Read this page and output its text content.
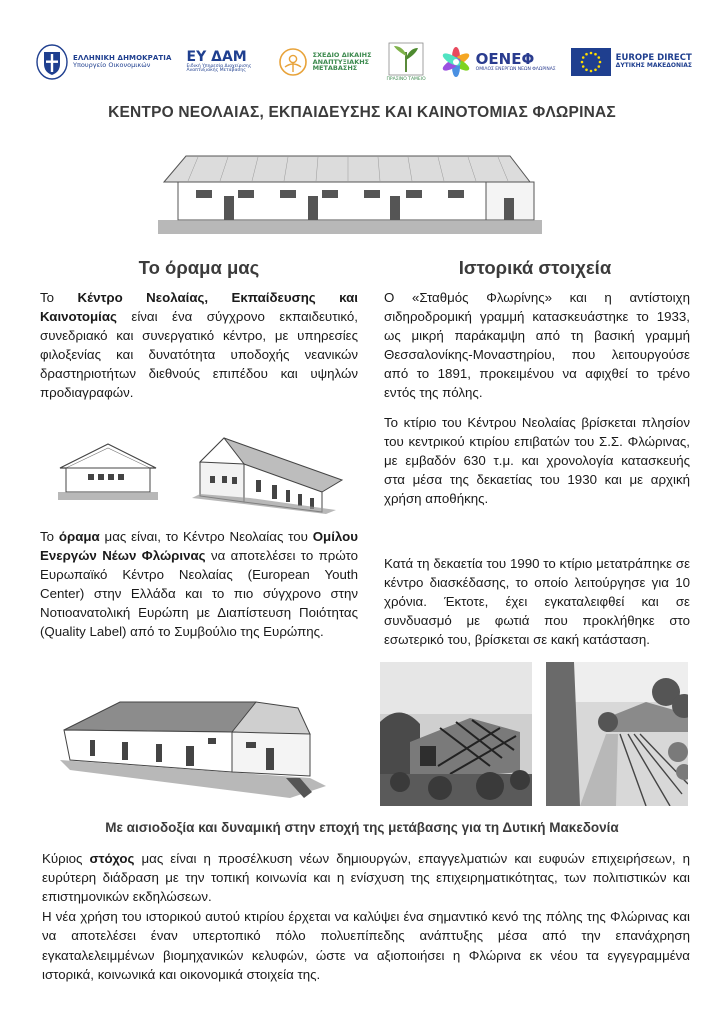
ΕΛΛΗΝΙΚΗ ΔΗΜΟΚΡΑΤΙΑ
Υπουργείο Οικονομικών
ΕΥ ΔΑΜ
Ειδική Υπηρεσία Διαχείρισης Αναπτυξιακής Μετάβασης
ΣΧΕΔΙΟ ΔΙΚΑΙΗΣ
ΑΝΑΠΤΥΞΙΑΚΗΣ
ΜΕΤΑΒΑΣΗΣ
ΠΡΑΣΙΝΟ ΤΑΜΕΙΟ
ΟΕΝΕΦ
ΟΜΙΛΟΣ ΕΝΕΡΓΩΝ ΝΕΩΝ ΦΛΩΡΙΝΑΣ
EUROPE DIRECT
ΔΥΤΙΚΗΣ ΜΑΚΕΔΟΝΙΑΣ
ΚΕΝΤΡΟ ΝΕΟΛΑΙΑΣ, ΕΚΠΑΙΔΕΥΣΗΣ ΚΑΙ ΚΑΙΝΟΤΟΜΙΑΣ ΦΛΩΡΙΝΑΣ
Το όραμα μας

Το Κέντρο Νεολαίας, Εκπαίδευσης και Καινοτομίας είναι ένα σύγχρονο εκπαιδευτικό, συνεδριακό και συνεργατικό κέντρο, με υπηρεσίες φιλοξενίας και δυνατότητα υποδοχής νεανικών δραστηριοτήτων διεθνούς επιπέδου και υψηλών προδιαγραφών.

Το όραμα μας είναι, το Κέντρο Νεολαίας του Ομίλου Ενεργών Νέων Φλώρινας να αποτελέσει το πρώτο Ευρωπαϊκό Κέντρο Νεολαίας (European Youth Center) στην Ελλάδα και το πιο σύγχρονο στην Νοτιοανατολική Ευρώπη με Διαπίστευση Ποιότητας (Quality Label) από το Συμβούλιο της Ευρώπης.

Ιστορικά στοιχεία

Ο «Σταθμός Φλωρίνης» και η αντίστοιχη σιδηροδρομική γραμμή κατασκευάστηκε το 1933, ως μικρή παράκαμψη από τη βασική γραμμή Θεσσαλονίκης-Μοναστηρίου, που λειτουργούσε από το 1891, προκειμένου να αφιχθεί το τρένο εντός της πόλης.

Το κτίριο του Κέντρου Νεολαίας βρίσκεται πλησίον του κεντρικού κτιρίου επιβατών του Σ.Σ. Φλώρινας, με εμβαδόν 630 τ.μ. και χρονολογία κατασκευής στα μέσα της δεκαετίας του 1930 και με αρχική χρήση αποθήκης.

Κατά τη δεκαετία του 1990 το κτίριο μετατράπηκε σε κέντρο διασκέδασης, το οποίο λειτούργησε για 10 χρόνια. Έκτοτε, έχει εγκαταλειφθεί και σε συνδυασμό με φωτιά που προκλήθηκε στο εσωτερικό του, βρίσκεται σε κακή κατάσταση.

Με αισιοδοξία και δυναμική στην εποχή της μετάβασης για τη Δυτική Μακεδονία

Κύριος στόχος μας είναι η προσέλκυση νέων δημιουργών, επαγγελματιών και ευφυών επιχειρήσεων, η ευρύτερη διάδραση με την τοπική κοινωνία και η ενίσχυση της επιχειρηματικότητας, των πολιτιστικών και επιστημονικών εκδηλώσεων.

Η νέα χρήση του ιστορικού αυτού κτιρίου έρχεται να καλύψει ένα σημαντικό κενό της πόλης της Φλώρινας και να αποτελέσει έναν υπερτοπικό πόλο πολυεπίπεδης ανάπτυξης μέσα από την επανάχρηση εγκαταλελειμμένων βιομηχανικών κελυφών, ώστε να αξιοποιήσει η Φλώρινα εκ νέου τα εγγεγραμμένα ιστορικά, κοινωνικά και οικονομικά στοιχεία της.
